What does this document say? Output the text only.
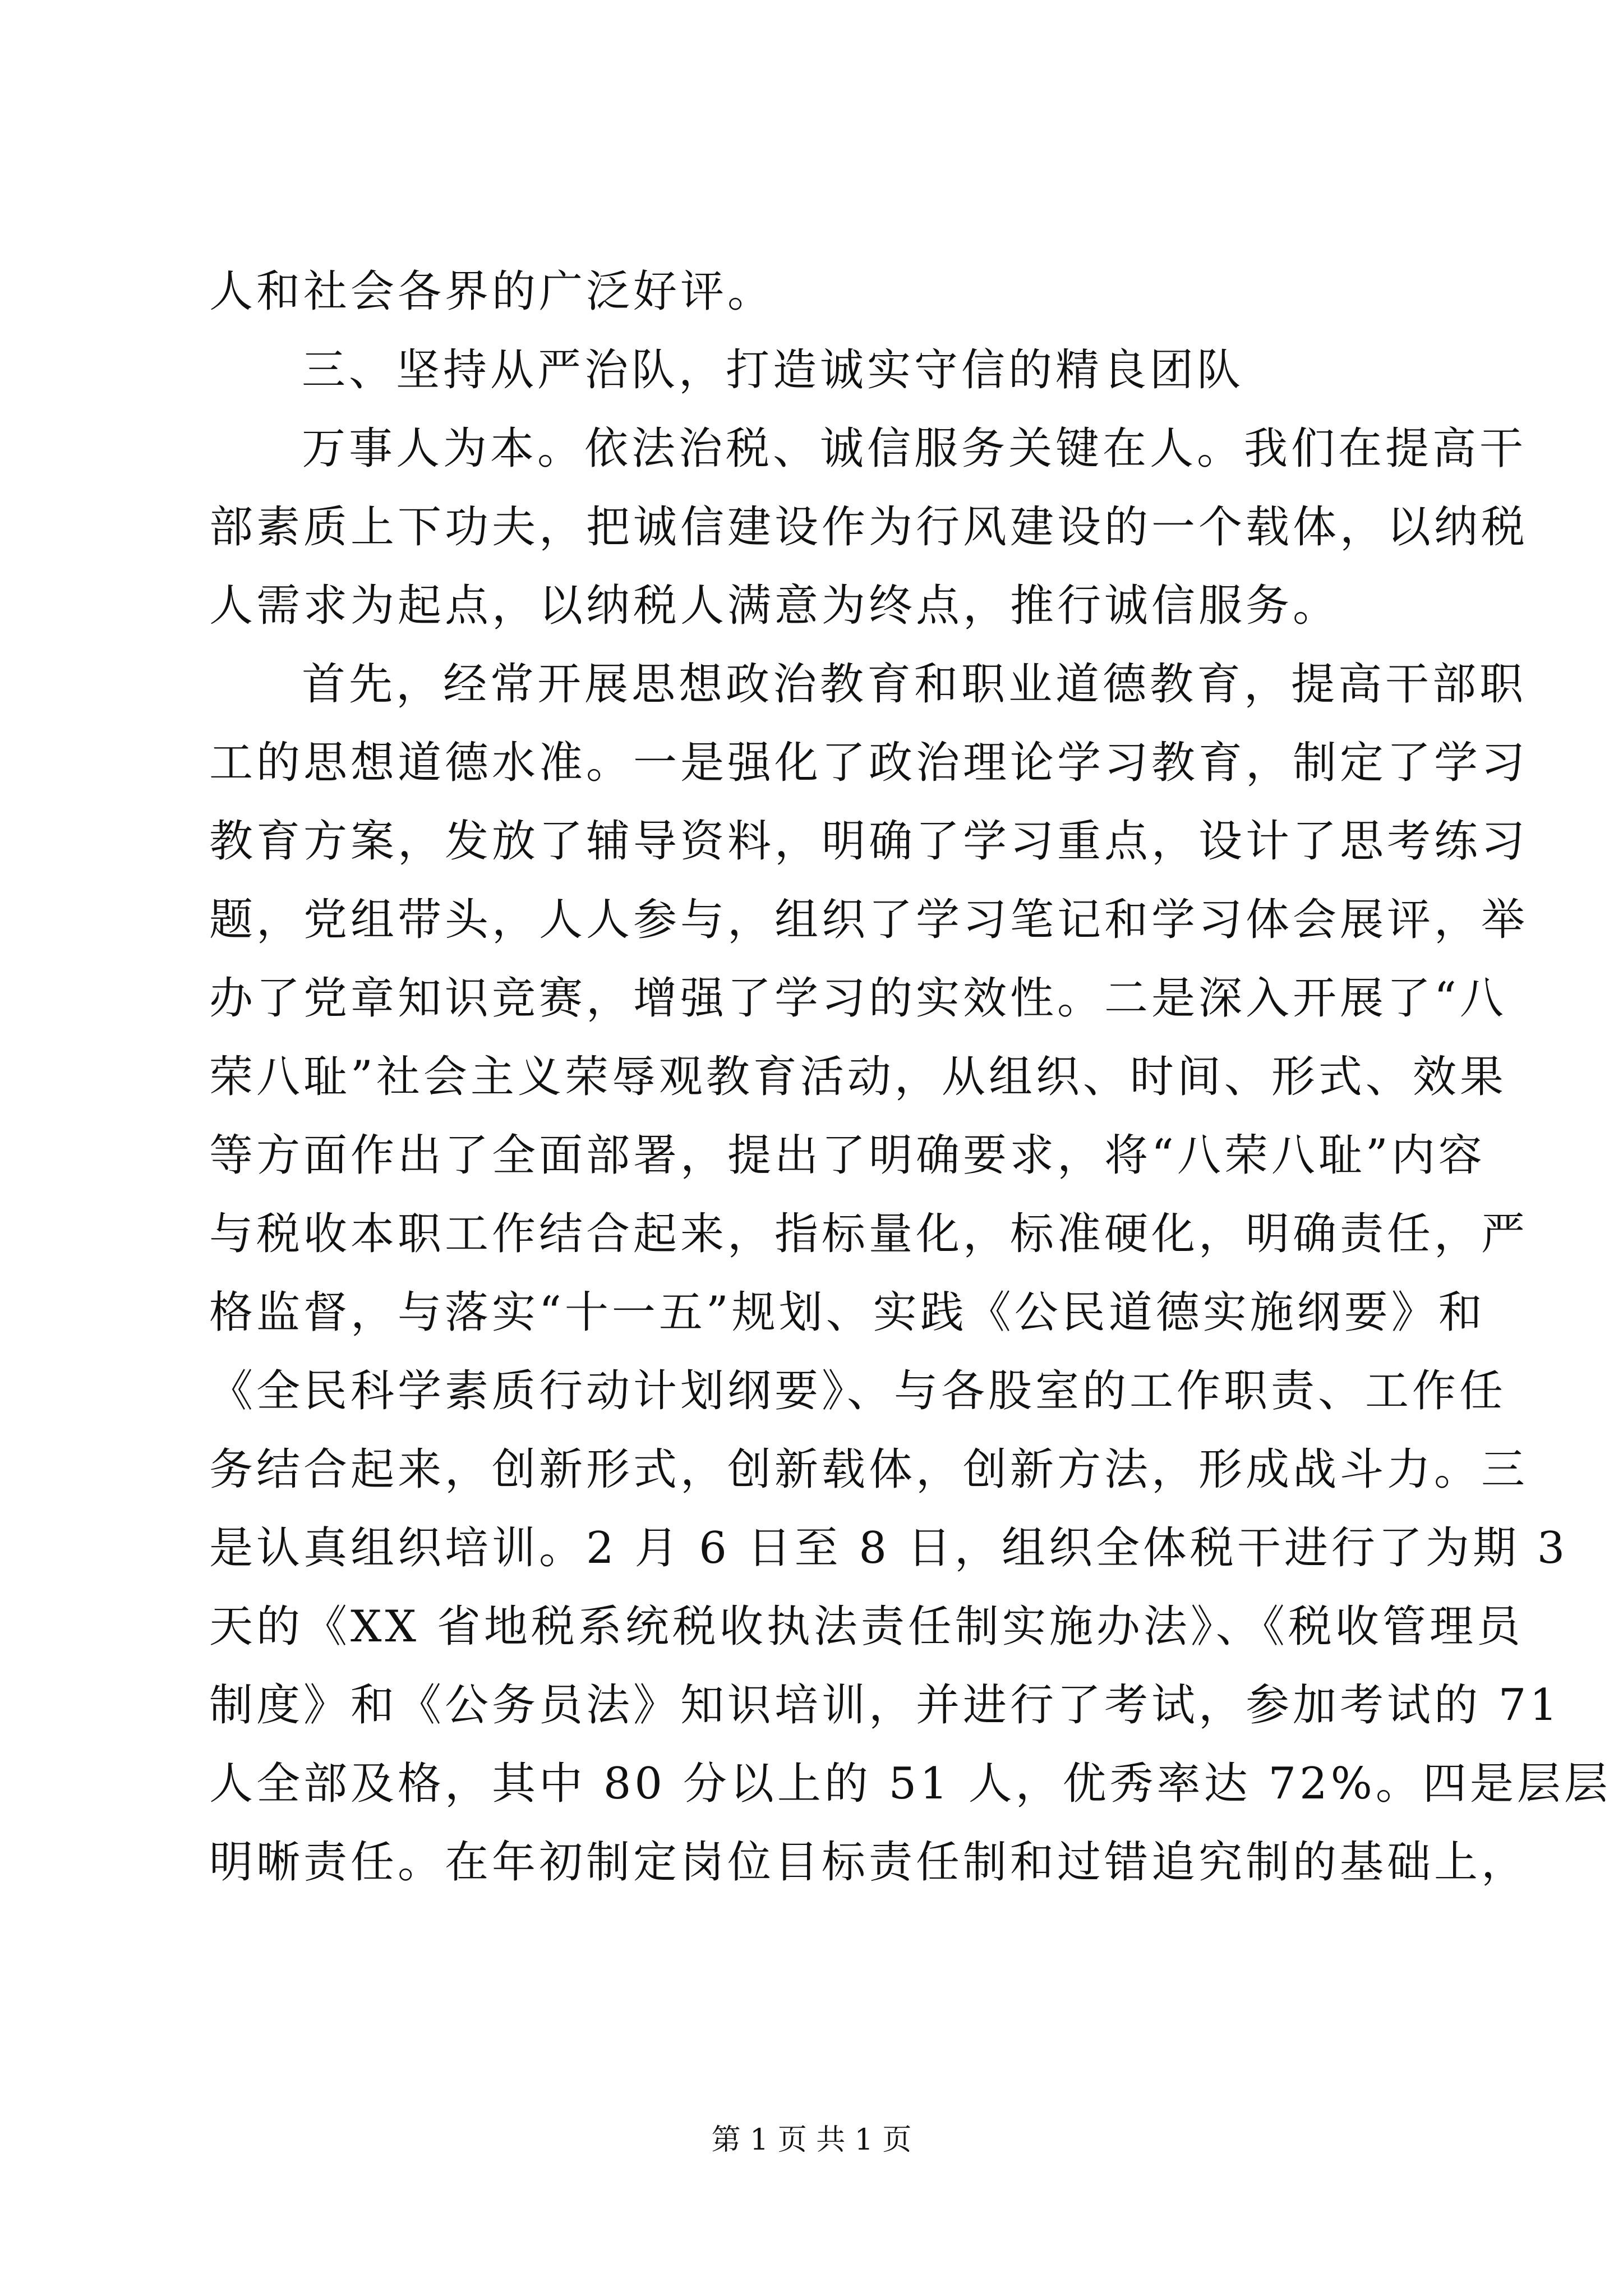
人和社会各界的广泛好评。
三、坚持从严治队，打造诚实守信的精良团队
万事人为本。依法治税、诚信服务关键在人。我们在提高干
部素质上下功夫，把诚信建设作为行风建设的一个载体，以纳税
人需求为起点，以纳税人满意为终点，推行诚信服务。
首先，经常开展思想政治教育和职业道德教育，提高干部职
工的思想道德水准。一是强化了政治理论学习教育，制定了学习
教育方案，发放了辅导资料，明确了学习重点，设计了思考练习
题，党组带头，人人参与，组织了学习笔记和学习体会展评，举
办了党章知识竞赛，增强了学习的实效性。二是深入开展了“八
荣八耻”社会主义荣辱观教育活动，从组织、时间、形式、效果
等方面作出了全面部署，提出了明确要求，将“八荣八耻”内容
与税收本职工作结合起来，指标量化，标准硬化，明确责任，严
格监督，与落实“十一五”规划、实践《公民道德实施纲要》和
《全民科学素质行动计划纲要》、与各股室的工作职责、工作任
务结合起来，创新形式，创新载体，创新方法，形成战斗力。三
是认真组织培训。2 月 6 日至 8 日，组织全体税干进行了为期 3
天的《XX 省地税系统税收执法责任制实施办法》、《税收管理员
制度》和《公务员法》知识培训，并进行了考试，参加考试的 71
人全部及格，其中 80 分以上的 51 人，优秀率达 72%。四是层层
明晰责任。在年初制定岗位目标责任制和过错追究制的基础上，
第 1 页 共 1 页
